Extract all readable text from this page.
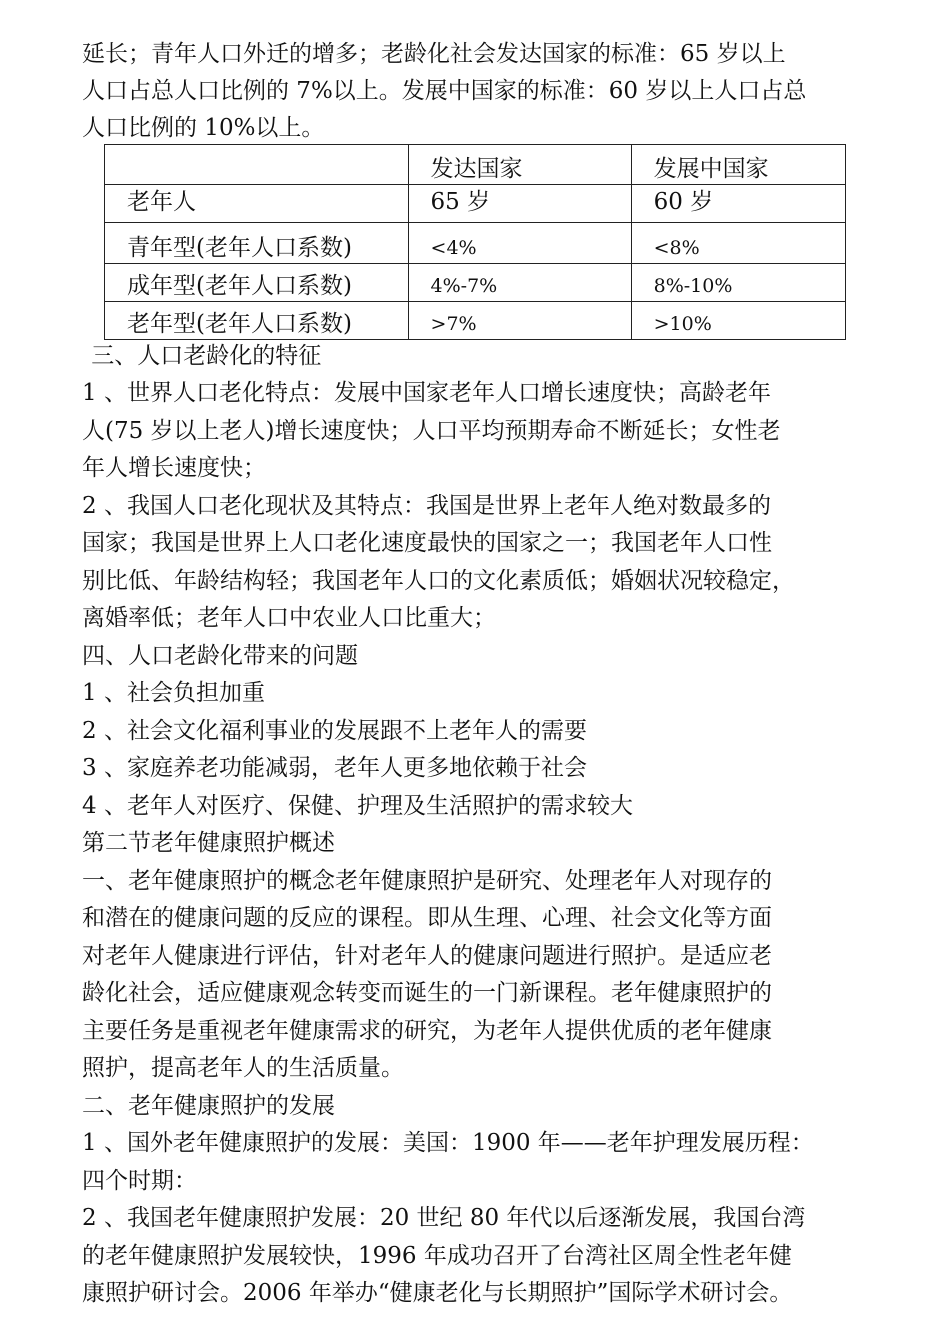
延长；青年人口外迁的增多；老龄化社会发达国家的标准：65 岁以上
人口占总人口比例的 7%以上。发展中国家的标准：60 岁以上人口占总
人口比例的 10%以上。
	发达国家	发展中国家
老年人	65 岁	60 岁
青年型(老年人口系数)	<4%	<8%
成年型(老年人口系数)	4%-7%	8%-10%
老年型(老年人口系数)	>7%	>10%
三、人口老龄化的特征
1 、世界人口老化特点：发展中国家老年人口增长速度快；高龄老年
人(75 岁以上老人)增长速度快；人口平均预期寿命不断延长；女性老
年人增长速度快；
2 、我国人口老化现状及其特点：我国是世界上老年人绝对数最多的
国家；我国是世界上人口老化速度最快的国家之一；我国老年人口性
别比低、年龄结构轻；我国老年人口的文化素质低；婚姻状况较稳定，
离婚率低；老年人口中农业人口比重大；
四、人口老龄化带来的问题
1 、社会负担加重
2 、社会文化福利事业的发展跟不上老年人的需要
3 、家庭养老功能减弱，老年人更多地依赖于社会
4 、老年人对医疗、保健、护理及生活照护的需求较大
第二节老年健康照护概述
一、老年健康照护的概念老年健康照护是研究、处理老年人对现存的
和潜在的健康问题的反应的课程。即从生理、心理、社会文化等方面
对老年人健康进行评估，针对老年人的健康问题进行照护。是适应老
龄化社会，适应健康观念转变而诞生的一门新课程。老年健康照护的
主要任务是重视老年健康需求的研究，为老年人提供优质的老年健康
照护，提高老年人的生活质量。
二、老年健康照护的发展
1 、国外老年健康照护的发展：美国：1900 年——老年护理发展历程：
四个时期：
2 、我国老年健康照护发展：20 世纪 80 年代以后逐渐发展，我国台湾
的老年健康照护发展较快，1996 年成功召开了台湾社区周全性老年健
康照护研讨会。2006 年举办“健康老化与长期照护”国际学术研讨会。
